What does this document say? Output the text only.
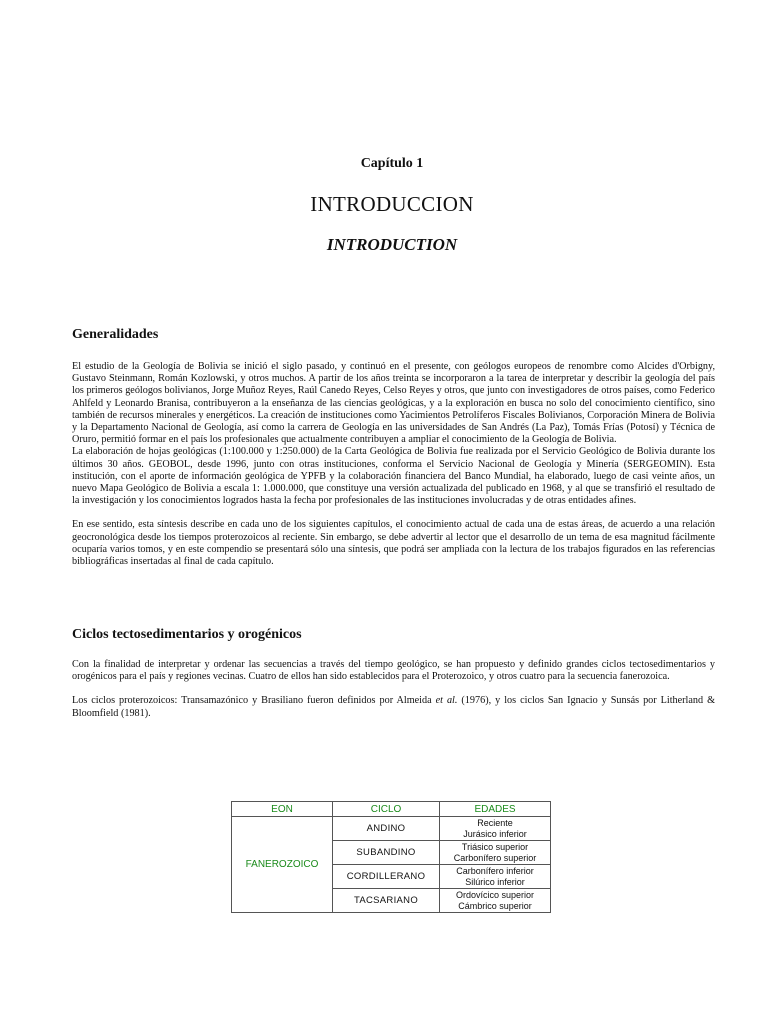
Capítulo 1
INTRODUCCION
INTRODUCTION
Generalidades

El estudio de la Geología de Bolivia se inició el siglo pasado, y continuó en el presente, con geólogos europeos de renombre como Alcides d'Orbigny, Gustavo Steinmann, Román Kozlowski, y otros muchos. A partir de los años treinta se incorporaron a la tarea de interpretar y describir la geología del país los primeros geólogos bolivianos, Jorge Muñoz Reyes, Raúl Canedo Reyes, Celso Reyes y otros, que junto con investigadores de otros países, como Federico Ahlfeld y Leonardo Branisa, contribuyeron a la enseñanza de las ciencias geológicas, y a la exploración en busca no solo del conocimiento científico, sino también de recursos minerales y energéticos. La creación de instituciones como Yacimientos Petrolíferos Fiscales Bolivianos, Corporación Minera de Bolivia y la Departamento Nacional de Geología, así como la carrera de Geología en las universidades de San Andrés (La Paz), Tomás Frías (Potosí) y Técnica de Oruro, permitió formar en el país los profesionales que actualmente contribuyen a ampliar el conocimiento de la Geología de Bolivia.

La elaboración de hojas geológicas (1:100.000 y 1:250.000) de la Carta Geológica de Bolivia fue realizada por el Servicio Geológico de Bolivia durante los últimos 30 años. GEOBOL, desde 1996, junto con otras instituciones, conforma el Servicio Nacional de Geología y Minería (SERGEOMIN). Esta institución, con el aporte de información geológica de YPFB y la colaboración financiera del Banco Mundial, ha elaborado, luego de casi veinte años, un nuevo Mapa Geológico de Bolivia a escala 1: 1.000.000, que constituye una versión actualizada del publicado en 1968, y al que se transfirió el resultado de la investigación y los conocimientos logrados hasta la fecha por profesionales de las instituciones involucradas y de otras entidades afines.

En ese sentido, esta síntesis describe en cada uno de los siguientes capítulos, el conocimiento actual de cada una de estas áreas, de acuerdo a una relación geocronológica desde los tiempos proterozoicos al reciente. Sin embargo, se debe advertir al lector que el desarrollo de un tema de esa magnitud fácilmente ocuparía varios tomos, y en este compendio se presentará sólo una síntesis, que podrá ser ampliada con la lectura de los trabajos figurados en las referencias bibliográficas insertadas al final de cada capítulo.

Ciclos tectosedimentarios y orogénicos

Con la finalidad de interpretar y ordenar las secuencias a través del tiempo geológico, se han propuesto y definido grandes ciclos tectosedimentarios y orogénicos para el país y regiones vecinas. Cuatro de ellos han sido establecidos para el Proterozoico, y otros cuatro para la secuencia fanerozoica.

Los ciclos proterozoicos: Transamazónico y Brasiliano fueron definidos por Almeida et al. (1976), y los ciclos San Ignacio y Sunsás por Litherland & Bloomfield (1981).

EON	CICLO	EDADES
FANEROZOICO	ANDINO	Reciente
Jurásico inferior

	SUBANDINO	Triásico superior
Carbonífero superior

	CORDILLERANO	Carbonífero inferior
Silúrico inferior

	TACSARIANO	Ordovícico superior
Cámbrico superior
